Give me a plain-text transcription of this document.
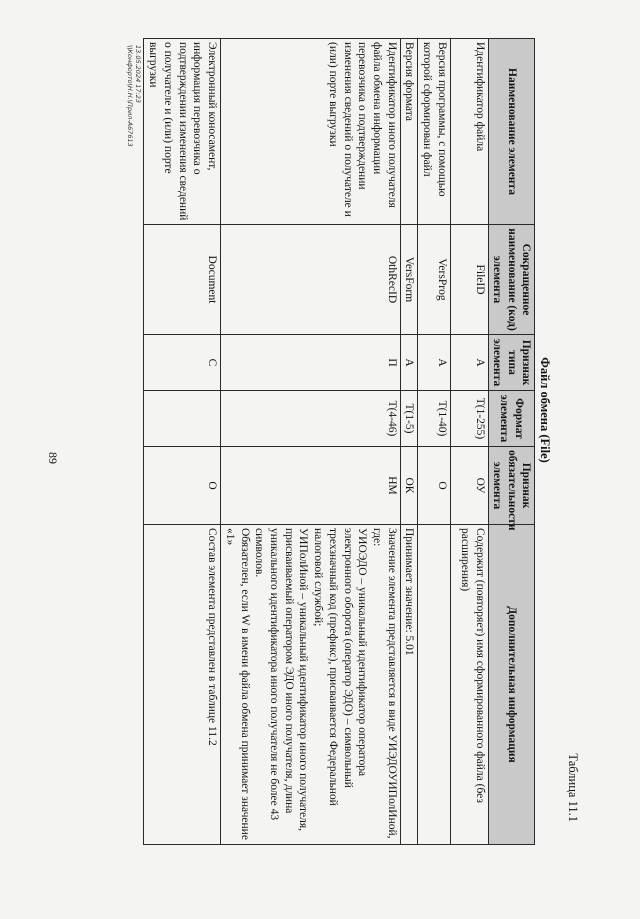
89
Таблица 11.1
Файл обмена (File)
Наименование элемента	Сокращенное наименование (код) элемента	Признак типа элемента	Формат элемента	Признак обязательности элемента	Дополнительная информация
Идентификатор файла	FileID	А	T(1-255)	ОУ	Содержит (повторяет) имя сформированного файла (без расширения)
Версия программы, с помощью которой сформирован файл	VersProg	А	T(1-40)	О	
Версия формата	VersForm	А	T(1-5)	ОК	Принимает значение: 5.01
Идентификатор иного получателя файла обмена информации перевозчика о подтверждении изменения сведений о получателе и (или) порте выгрузки	OthRecID	П	T(4-46)	НМ	Значение элемента представляется в виде УИЭДОУИПолИной, где:
УИОЭДО – уникальный идентификатор оператора электронного оборота (оператор ЭДО) – символьный трехзначный код (префикс), присваивается Федеральной налоговой службой;
УИПолИной – уникальный идентификатор иного получателя, присваиваемый оператором ЭДО иного получателя, длина уникального идентификатора иного получателя не более 43 символов.
Обязателен, если W в имени файла обмена принимает значение «1»
Электронный коносамент, информация перевозчика о подтверждении изменения сведений о получателе и (или) порте выгрузки	Document	С		О	Состав элемента представлен в таблице 11.2
13.05.2024 17:23
\\Конфорто\Н.Н.\Прил-А67613
